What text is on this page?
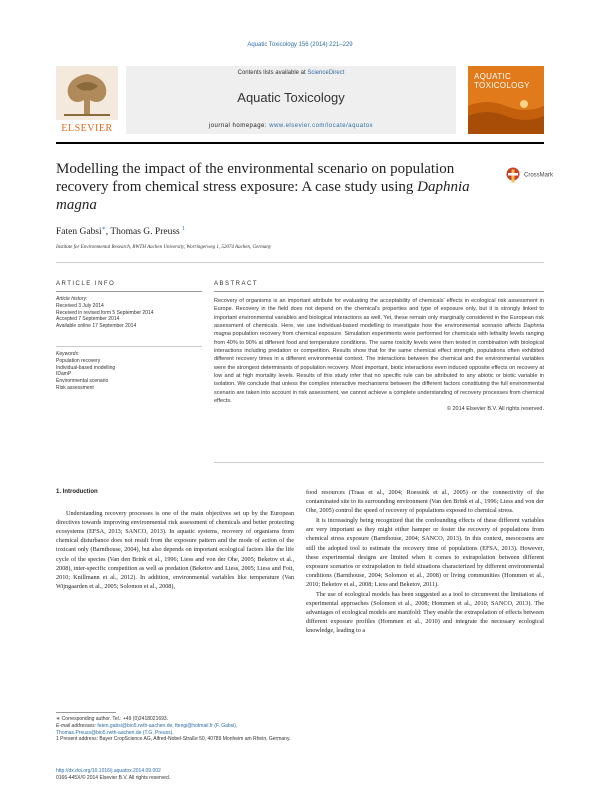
Aquatic Toxicology 156 (2014) 221–229
ELSEVIER
Contents lists available at ScienceDirect
Aquatic Toxicology
journal homepage: www.elsevier.com/locate/aquatox
AQUATIC
TOXICOLOGY
Modelling the impact of the environmental scenario on population recovery from chemical stress exposure: A case study using Daphnia magna
CrossMark
Faten Gabsi∗, Thomas G. Preuss $^1$
Institute for Environmental Research, RWTH Aachen University, Worringerweg 1, 52074 Aachen, Germany
ARTICLE INFO
Article history:
Received 3 July 2014
Received in revised form 5 September 2014
Accepted 7 September 2014
Available online 17 September 2014
Keywords:
Population recovery
Individual-based modelling
IDamP
Environmental scenario
Risk assessment
ABSTRACT
Recovery of organisms is an important attribute for evaluating the acceptability of chemicals' effects in ecological risk assessment in Europe. Recovery in the field does not depend on the chemical's properties and type of exposure only, but it is strongly linked to important environmental variables and biological interactions as well. Yet, these remain only marginally considered in the European risk assessment of chemicals. Here, we use individual-based modelling to investigate how the environmental scenario affects Daphnia magna population recovery from chemical exposure. Simulation experiments were performed for chemicals with lethality levels ranging from 40% to 90% at different food and temperature conditions. The same toxicity levels were then tested in combination with biological interactions including predation or competition. Results show that for the same chemical effect strength, populations often exhibited different recovery times in a different environmental context. The interactions between the chemical and the environmental variables were the strongest determinants of population recovery. Most important, biotic interactions even induced opposite effects on recovery at low and at high mortality levels. Results of this study infer that no specific rule can be attributed to any abiotic or biotic variable in isolation. We conclude that unless the complex interactive mechanisms between the different factors constituting the full environmental scenario are taken into account in risk assessment, we cannot achieve a complete understanding of recovery processes from chemical effects.
© 2014 Elsevier B.V. All rights reserved.
1. Introduction

Understanding recovery processes is one of the main objectives set up by the European directives towards improving environmental risk assessment of chemicals and better protecting ecosystems (EFSA, 2013; SANCO, 2013). In aquatic systems, recovery of organisms from chemical disturbance does not result from the exposure pattern and the mode of action of the toxicant only (Barnthouse, 2004), but also depends on important ecological factors like the life cycle of the species (Van den Brink et al., 1996; Liess and von der Ohe, 2005; Beketov et al., 2008), inter-specific competition as well as predation (Beketov and Liess, 2005; Liess and Foit, 2010; Knillmann et al., 2012). In addition, environmental variables like temperature (Van Wijngaarden et al., 2005; Solomon et al., 2008),

food resources (Traas et al., 2004; Roessink et al., 2005) or the connectivity of the contaminated site to its surrounding environment (Van den Brink et al., 1996; Liess and von der Ohe, 2005) control the speed of recovery of populations exposed to chemical stress.

It is increasingly being recognized that the confounding effects of these different variables are very important as they might either hamper or foster the recovery of populations from chemical stress exposure (Barnthouse, 2004; SANCO, 2013). In this context, mesocosms are still the adopted tool to estimate the recovery time of populations (EFSA, 2013). However, these experimental designs are limited when it comes to extrapolation between different exposure scenarios or extrapolation to field situations characterized by different environmental conditions (Barnthouse, 2004; Solomon et al., 2008) or living communities (Hommen et al., 2010; Beketov et al., 2008; Liess and Beketov, 2011).

The use of ecological models has been suggested as a tool to circumvent the limitations of experimental approaches (Solomon et al., 2008; Hommen et al., 2010; SANCO, 2013). The advantages of ecological models are manifold: They enable the extrapolation of effects between different exposure profiles (Hommen et al., 2010) and integrate the necessary ecological knowledge, leading to a

∗ Corresponding author. Tel.: +49 (0)2418021693.
E-mail addresses: faten.gabsi@bio5.rwth-aachen.de, ftengi@hotmail.fr (F. Gabsi), Thomas.Preuss@bio5.rwth-aachen.de (T.G. Preuss).
1 Present address: Bayer CropScience AG, Alfred-Nobel-Straße 50, 40789 Monheim am Rhein, Germany.
http://dx.doi.org/10.1016/j.aquatox.2014.09.002
0166-445X/© 2014 Elsevier B.V. All rights reserved.
